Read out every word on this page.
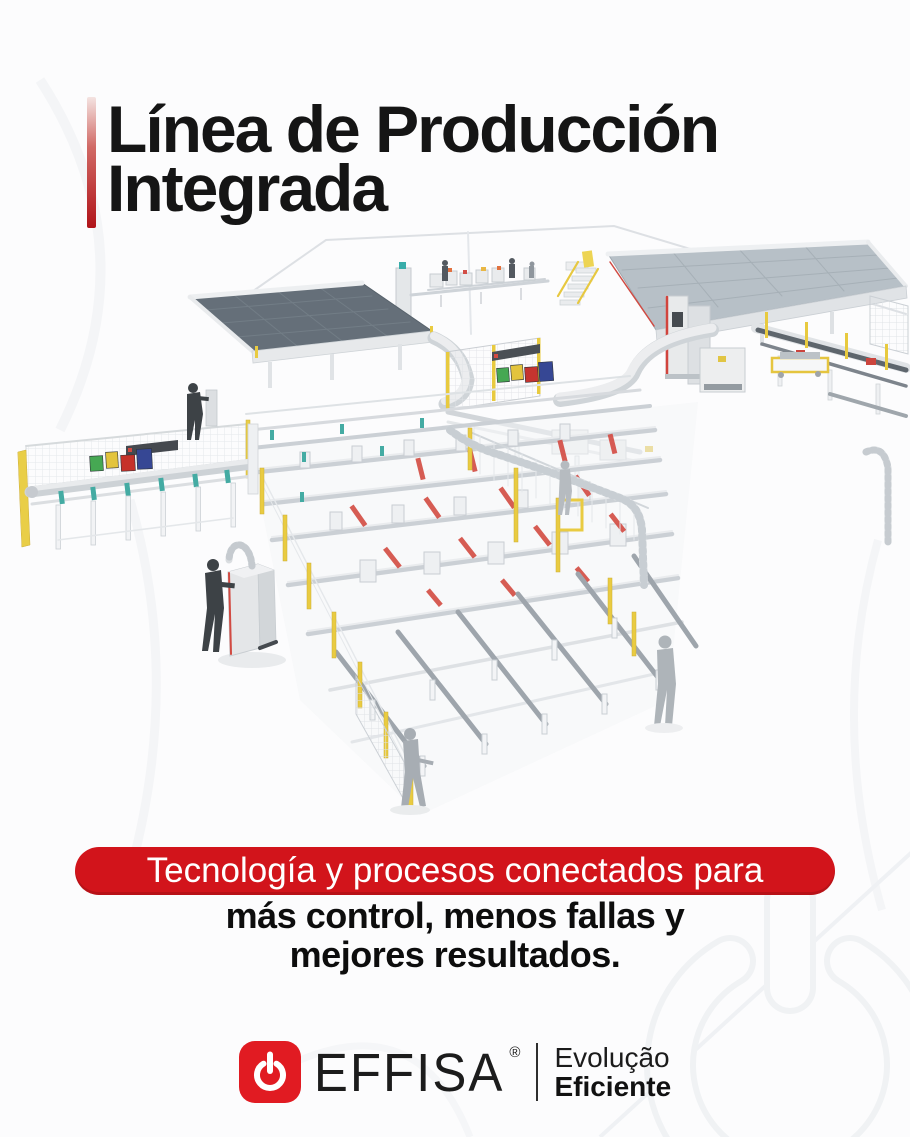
Línea de Producción
Integrada
Tecnología y procesos conectados para
más control, menos fallas y
mejores resultados.
EFFISA ® Evolução
Eficiente
